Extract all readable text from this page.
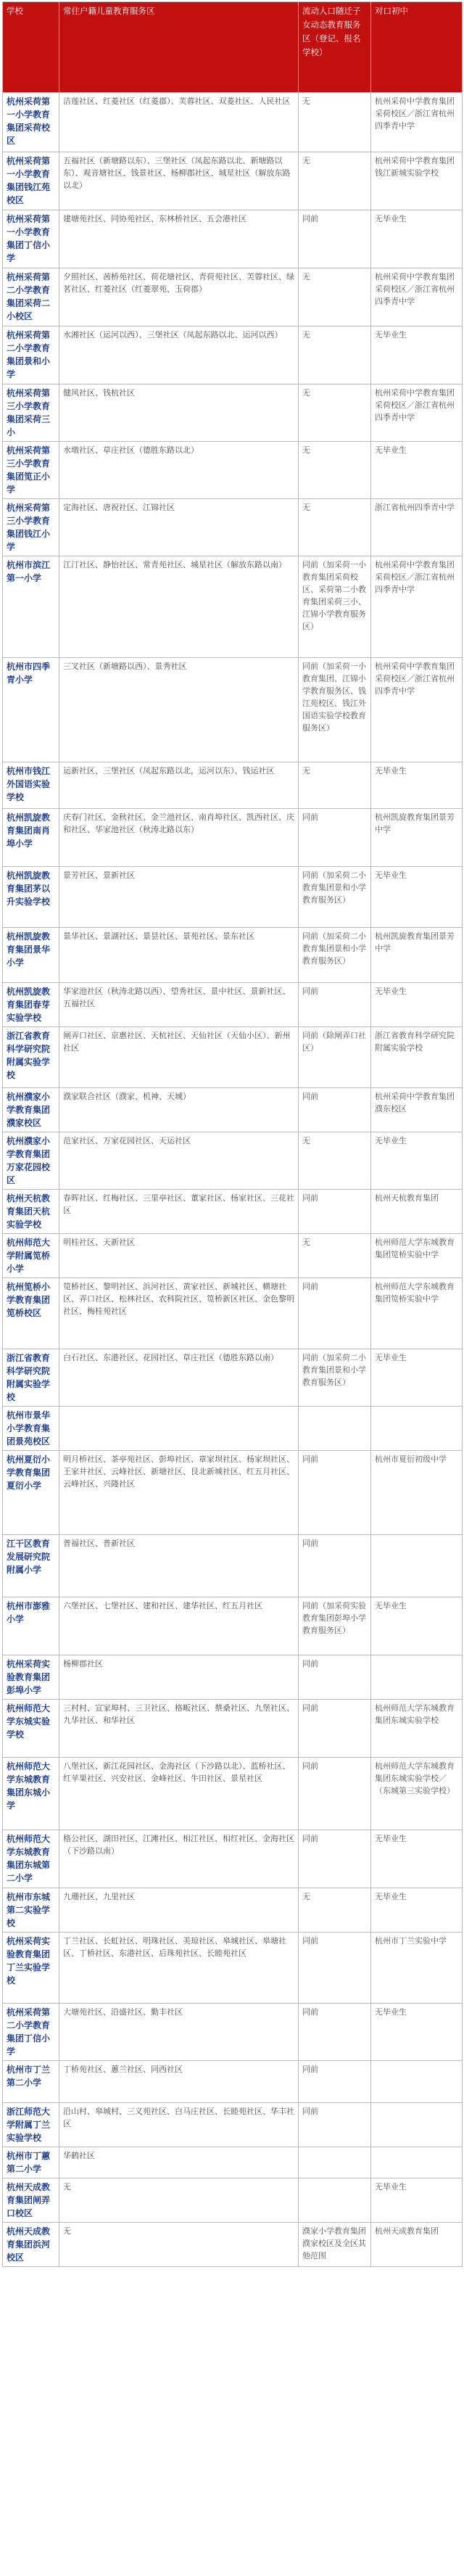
学校	常住户籍儿童教育服务区	流动人口随迁子女动态教育服务区（登记、报名学校）	对口初中
杭州采荷第一小学教育集团采荷校区	洁莲社区、红菱社区（红菱郡）、芙蓉社区、双菱社区、人民社区	无	杭州采荷中学教育集团采荷校区／浙江省杭州四季青中学
杭州采荷第一小学教育集团钱江苑校区	五福社区（新塘路以东）、三堡社区（凤起东路以北、新塘路以东）、观音塘社区、钱景社区、杨柳郡社区、城星社区（解放东路以北）	无	杭州采荷中学教育集团钱江新城实验学校
杭州采荷第一小学教育集团丁信小学	建塘苑社区、同协苑社区、东林桥社区、五会港社区	同前	无毕业生
杭州采荷第二小学教育集团采荷二小校区	夕照社区、茜桥苑社区、荷花塘社区、青荷苑社区、芙蓉社区、绿茗社区、红菱社区（红菱翠苑、玉荷郡）	无	杭州采荷中学教育集团采荷校区／浙江省杭州四季青中学
杭州采荷第二小学教育集团景和小学	水湘社区（运河以西）、三堡社区（凤起东路以北、运河以西）	无	无毕业生
杭州采荷第三小学教育集团采荷三小	健风社区、钱杭社区	无	杭州采荷中学教育集团采荷校区／浙江省杭州四季青中学
杭州采荷第三小学教育集团笕正小学	水墩社区、草庄社区（德胜东路以北）	无	无毕业生
杭州采荷第三小学教育集团钱江小学	定海社区、唐祝社区、江锦社区	无	浙江省杭州四季青中学
杭州市滨江第一小学	江汀社区、静怡社区、常青苑社区、城星社区（解放东路以南）	同前（加采荷一小教育集团采荷校区、采荷第二小教育集团采荷三小、江锦小学教育服务区）	杭州采荷中学教育集团采荷校区／浙江省杭州四季青中学
杭州市四季青小学	三叉社区（新塘路以西）、景秀社区	同前（加采荷一小教育集团、江锦小学教育服务区、钱江苑校区、钱江外国语实验学校教育服务区）	杭州采荷中学教育集团采荷校区／浙江省杭州四季青中学
杭州市钱江外国语实验学校	运新社区、三堡社区（凤起东路以北，运河以东）、钱运社区	无	无毕业生
杭州凯旋教育集团南肖埠小学	庆春门社区、金秋社区、金兰池社区、南肖埠社区、凯西社区、庆和社区、华家池社区（秋涛北路以东）	同前	杭州凯旋教育集团景芳中学
杭州凯旋教育集团茅以升实验学校	景芳社区、景新社区	同前（加采荷二小教育集团景和小学教育服务区）	无毕业生
杭州凯旋教育集团景华小学	景华社区、景湖社区、景昙社区、景苑社区、景东社区	同前（加采荷二小教育集团景和小学教育服务区）	杭州凯旋教育集团景芳中学
杭州凯旋教育集团春芽实验学校	华家池社区（秋涛北路以西）、望秀社区、景中社区、景新社区、五福社区	同前	无毕业生
浙江省教育科学研究院附属实验学校	闸弄口社区、京惠社区、天杭社区、天仙社区（天仙小区）、新州社区	同前（除闸弄口社区）	浙江省教育科学研究院附属实验学校
杭州濮家小学教育集团濮家校区	濮家联合社区（濮家、机神、天城）	同前	杭州采荷中学教育集团濮东校区
杭州濮家小学教育集团万家花园校区	范家社区、万家花园社区、天运社区	无	无毕业生
杭州天杭教育集团天杭实验学校	春晖社区、红梅社区、三里亭社区、董家社区、杨家社区、三花社区	同前	杭州天杭教育集团
杭州师范大学附属笕桥小学	明桂社区、天新社区	无	杭州师范大学东城教育集团笕桥实验中学
杭州笕桥小学教育集团笕桥校区	笕桥社区、黎明社区、浜河社区、黄家社区、新城社区、横塘社区、弄口社区、松林社区、农科院社区、笕桥新区社区、金色黎明社区、梅桂苑社区	同前	杭州师范大学东城教育集团笕桥实验中学
浙江省教育科学研究院附属实验学校	白石社区、东港社区、花园社区、草庄社区（德胜东路以南）	同前（加采荷二小教育集团景和小学教育服务区）	无毕业生
杭州市景华小学教育集团景苑校区			
杭州夏衍小学教育集团夏衍小学	明月桥社区、茶亭苑社区、彭埠社区、章家坝社区、杨家坝社区、王家井社区、云峰社区、新塘社区、艮北新城社区、红五月社区、云峰社区、兴隆社区	同前	杭州市夏衍初级中学
江干区教育发展研究院附属小学	普福社区、普新社区	同前	
杭州市澎雅小学	六堡社区、七堡社区、建和社区、建华社区、红五月社区	同前（加采荷实验教育集团彭埠小学教育服务区）	无毕业生
杭州采荷实验教育集团彭埠小学	杨柳郡社区	同前	
杭州师范大学东城实验学校	三村村、宣家埠村、三卫社区、格畈社区、蔡桑社区、九堡社区、九华社区、和华社区	同前	杭州师范大学东城教育集团东城实验学校
杭州师范大学东城教育集团东城小学	八堡社区、新江花园社区、金海社区（下沙路以北）、蓝桥社区、红苹果社区、兴安社区、金峰社区、牛田社区、景星社区	同前	杭州师范大学东城教育集团东城实验学校／（东城第三实验学校）
杭州师范大学东城教育集团东城第二小学	格公社区、湖田社区、江滩社区、相江社区、相红社区、金海社区（下沙路以南）	同前	无毕业生
杭州市东城第二实验学校	九珊社区、九里社区	无	无毕业生
杭州采荷实验教育集团丁兰实验学校	丁兰社区、长虹社区、明珠社区、美琼社区、皋城社区、皋塘社区、丁桥社区、东港社区、后珠苑社区、长睦苑社区	同前	杭州市丁兰实验中学
杭州采荷第二小学教育集团丁信小学	大塘苑社区、沿盛社区、勤丰社区	同前	无毕业生
杭州市丁兰第二小学	丁桥苑社区、蕙兰社区、同西社区	同前	
浙江师范大学附属丁兰实验学校	沿山村、皋城村、三义苑社区、白马庄社区、长睦苑社区、华丰社区	同前	
杭州市丁蕙第二小学	华鹤社区		
杭州天成教育集团闸弄口校区	无		无毕业生
杭州天成教育集团浜河校区	无	濮家小学教育集团濮家校区及全区其他范围	杭州天成教育集团
